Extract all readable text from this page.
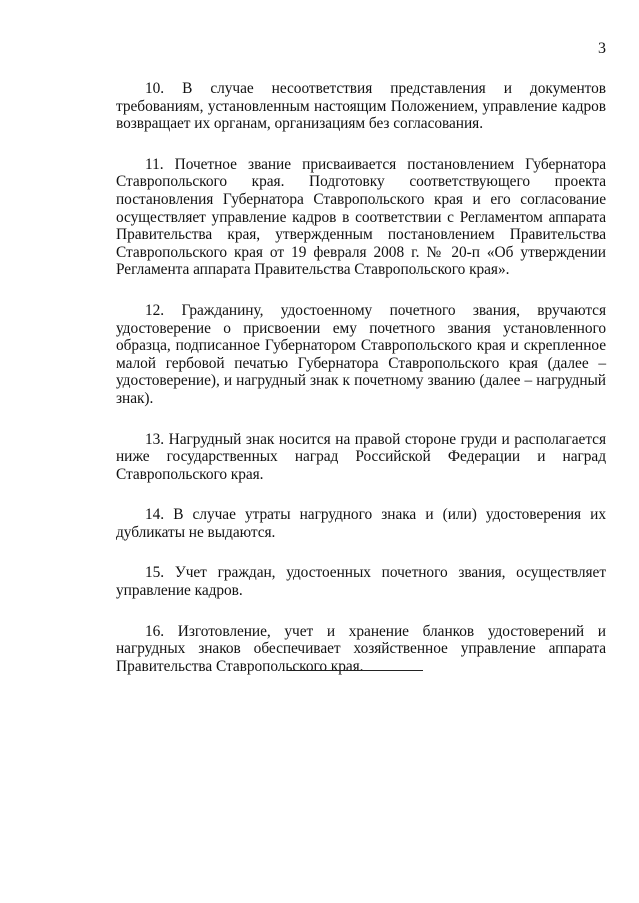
3

10. В случае несоответствия представления и документов требованиям, установленным настоящим Положением, управление кадров возвращает их органам, организациям без согласования.

11. Почетное звание присваивается постановлением Губернатора Ставропольского края. Подготовку соответствующего проекта постановления Губернатора Ставропольского края и его согласование осуществляет управление кадров в соответствии с Регламентом аппарата Правительства края, утвержденным постановлением Правительства Ставропольского края от 19 февраля 2008 г. № 20-п «Об утверждении Регламента аппарата Правительства Ставропольского края».

12. Гражданину, удостоенному почетного звания, вручаются удостоверение о присвоении ему почетного звания установленного образца, подписанное Губернатором Ставропольского края и скрепленное малой гербовой печатью Губернатора Ставропольского края (далее – удостоверение), и нагрудный знак к почетному званию (далее – нагрудный знак).

13. Нагрудный знак носится на правой стороне груди и располагается ниже государственных наград Российской Федерации и наград Ставропольского края.

14. В случае утраты нагрудного знака и (или) удостоверения их дубликаты не выдаются.

15. Учет граждан, удостоенных почетного звания, осуществляет управление кадров.

16. Изготовление, учет и хранение бланков удостоверений и нагрудных знаков обеспечивает хозяйственное управление аппарата Правительства Ставропольского края.
